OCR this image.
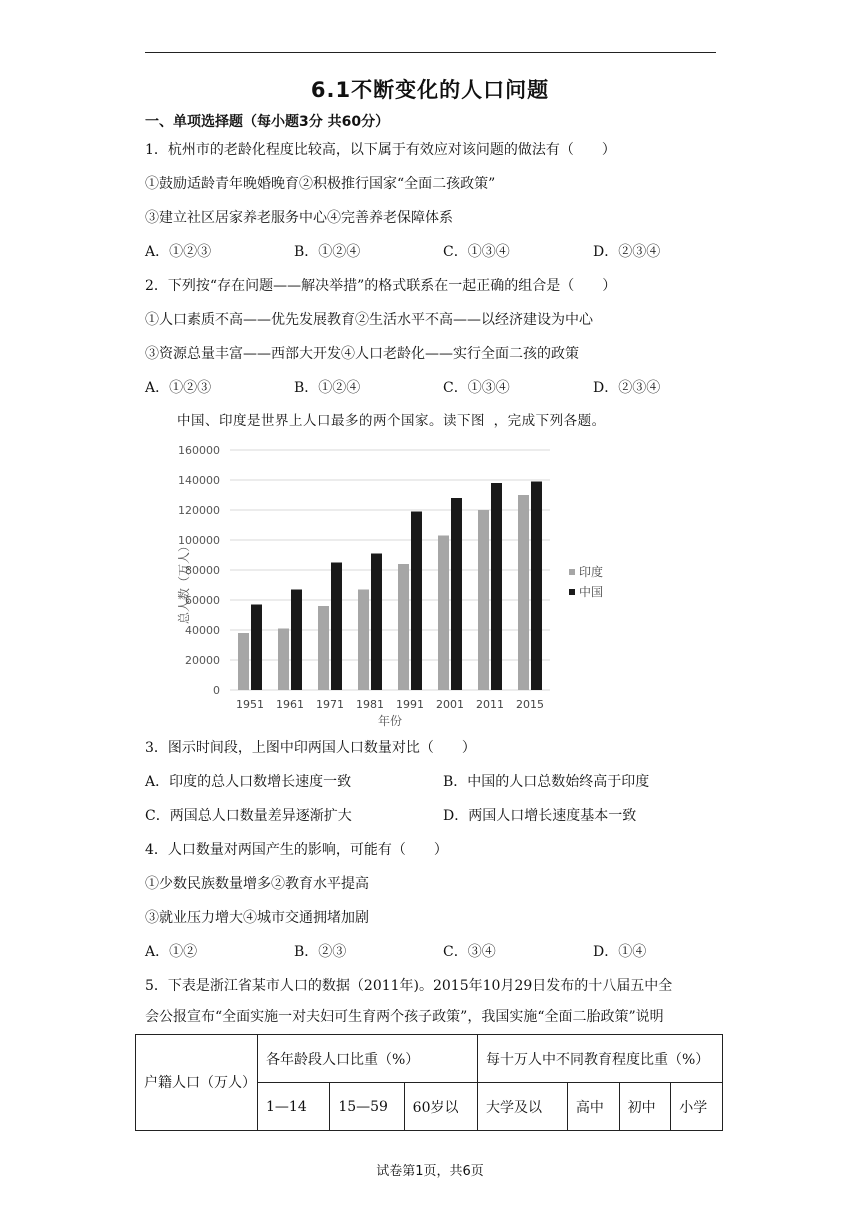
6.1不断变化的人口问题
一、单项选择题（每小题3分 共60分）
1．杭州市的老龄化程度比较高，以下属于有效应对该问题的做法有（　　）
①鼓励适龄青年晚婚晚育②积极推行国家“全面二孩政策”
③建立社区居家养老服务中心④完善养老保障体系
A．①②③	B．①②④	C．①③④	D．②③④
2．下列按“存在问题——解决举措”的格式联系在一起正确的组合是（　　）
①人口素质不高——优先发展教育②生活水平不高——以经济建设为中心
③资源总量丰富——西部大开发④人口老龄化——实行全面二孩的政策
A．①②③	B．①②④	C．①③④	D．②③④
中国、印度是世界上人口最多的两个国家。读下图 ，完成下列各题。
0
20000
40000
60000
80000
100000
120000
140000
160000
1951 1961 1971 1981 1991 2001 2011 2015
年份
总人数（万人）	印度
中国
3．图示时间段，上图中印两国人口数量对比（　　）
A．印度的总人口数增长速度一致	B．中国的人口总数始终高于印度
C．两国总人口数量差异逐渐扩大	D．两国人口增长速度基本一致
4．人口数量对两国产生的影响，可能有（　　）
①少数民族数量增多②教育水平提高
③就业压力增大④城市交通拥堵加剧
A．①②	B．②③	C．③④	D．①④
5．下表是浙江省某市人口的数据（2011年)。2015年10月29日发布的十八届五中全
会公报宣布“全面实施一对夫妇可生育两个孩子政策”，我国实施“全面二胎政策”说明
户籍人口（万人）	各年龄段人口比重（%）			每十万人中不同教育程度比重（%）			
	1—14	15—59	60岁以	大学及以	高中	初中	小学
试卷第1页，共6页
